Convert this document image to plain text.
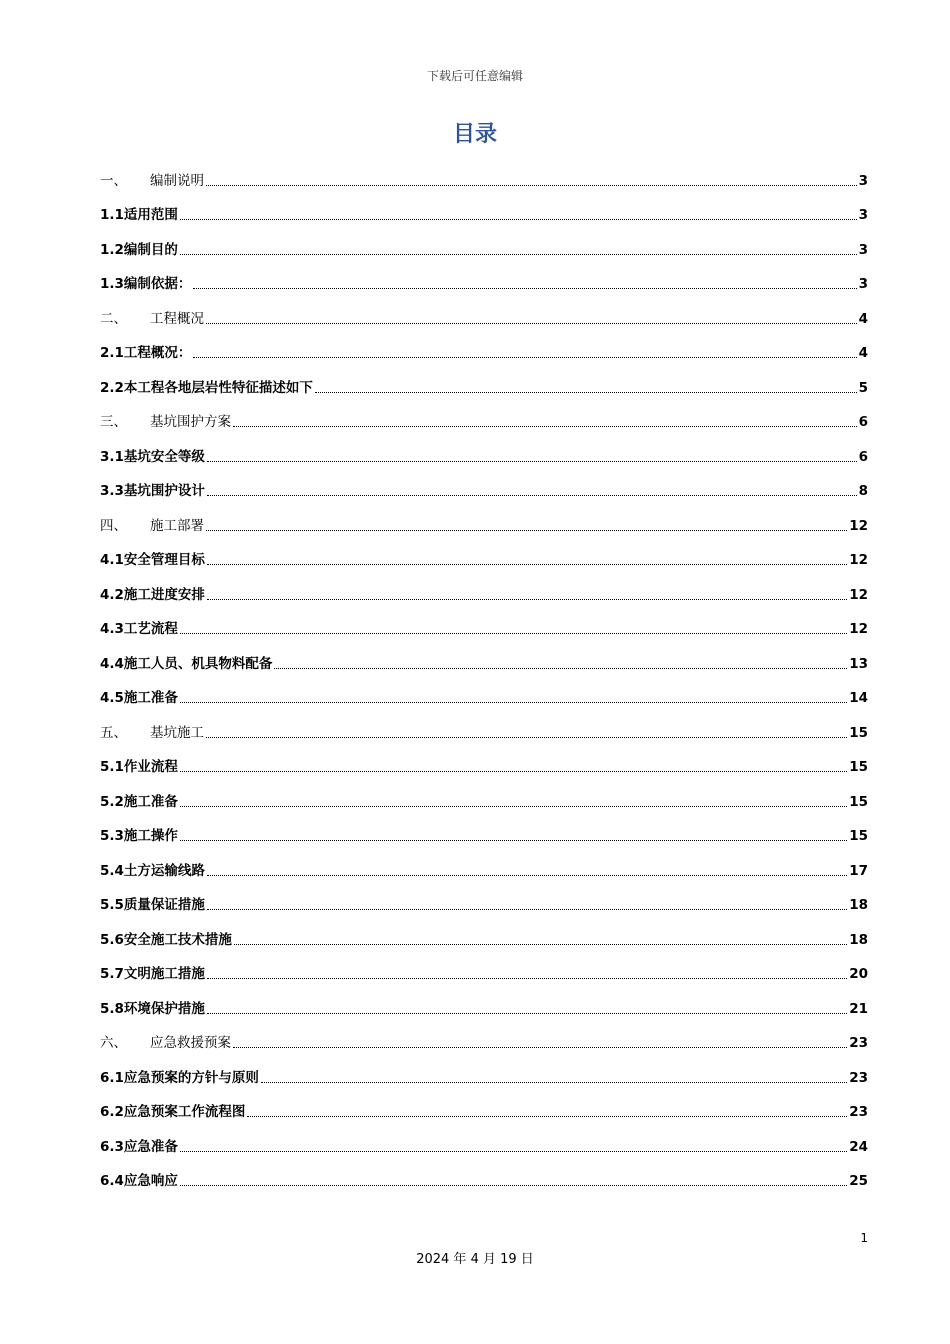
下载后可任意编辑
目录
一、	编制说明	3
1.1 适用范围	3
1.2 编制目的	3
1.3 编制依据：	3
二、	工程概况	4
2.1 工程概况：	4
2.2 本工程各地层岩性特征描述如下	5
三、	基坑围护方案	6
3.1 基坑安全等级	6
3.3 基坑围护设计	8
四、	施工部署	12
4.1 安全管理目标	12
4.2 施工进度安排	12
4.3 工艺流程	12
4.4 施工人员、机具物料配备	13
4.5 施工准备	14
五、	基坑施工	15
5.1 作业流程	15
5.2 施工准备	15
5.3 施工操作	15
5.4 土方运输线路	17
5.5 质量保证措施	18
5.6 安全施工技术措施	18
5.7 文明施工措施	20
5.8 环境保护措施	21
六、	应急救援预案	23
6.1 应急预案的方针与原则	23
6.2 应急预案工作流程图	23
6.3 应急准备	24
6.4 应急响应	25
1
2024 年 4 月 19 日
